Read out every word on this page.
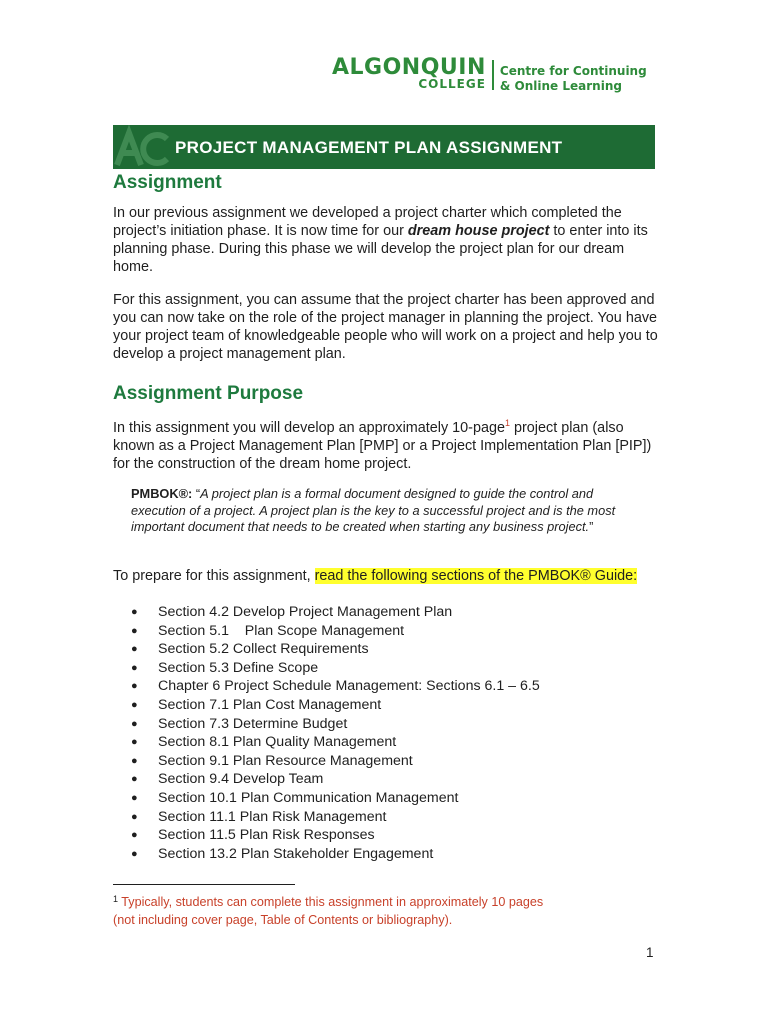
ALGONQUIN
COLLEGE
Centre for Continuing
& Online Learning
PROJECT MANAGEMENT PLAN ASSIGNMENT
Assignment
In our previous assignment we developed a project charter which completed the project’s initiation phase. It is now time for our dream house project to enter into its planning phase. During this phase we will develop the project plan for our dream home.
For this assignment, you can assume that the project charter has been approved and you can now take on the role of the project manager in planning the project. You have your project team of knowledgeable people who will work on a project and help you to develop a project management plan.
Assignment Purpose
In this assignment you will develop an approximately 10-page$^1$ project plan (also known as a Project Management Plan [PMP] or a Project Implementation Plan [PIP]) for the construction of the dream home project.
PMBOK®: “A project plan is a formal document designed to guide the control and execution of a project. A project plan is the key to a successful project and is the most important document that needs to be created when starting any business project.”
To prepare for this assignment, read the following sections of the PMBOK® Guide:
●	Section 4.2 Develop Project Management Plan
●	Section 5.1    Plan Scope Management
●	Section 5.2 Collect Requirements
●	Section 5.3 Define Scope
●	Chapter 6 Project Schedule Management: Sections 6.1 – 6.5
●	Section 7.1 Plan Cost Management
●	Section 7.3 Determine Budget
●	Section 8.1 Plan Quality Management
●	Section 9.1 Plan Resource Management
●	Section 9.4 Develop Team
●	Section 10.1 Plan Communication Management
●	Section 11.1 Plan Risk Management
●	Section 11.5 Plan Risk Responses
●	Section 13.2 Plan Stakeholder Engagement
$^1$ Typically, students can complete this assignment in approximately 10 pages
(not including cover page, Table of Contents or bibliography).
1
